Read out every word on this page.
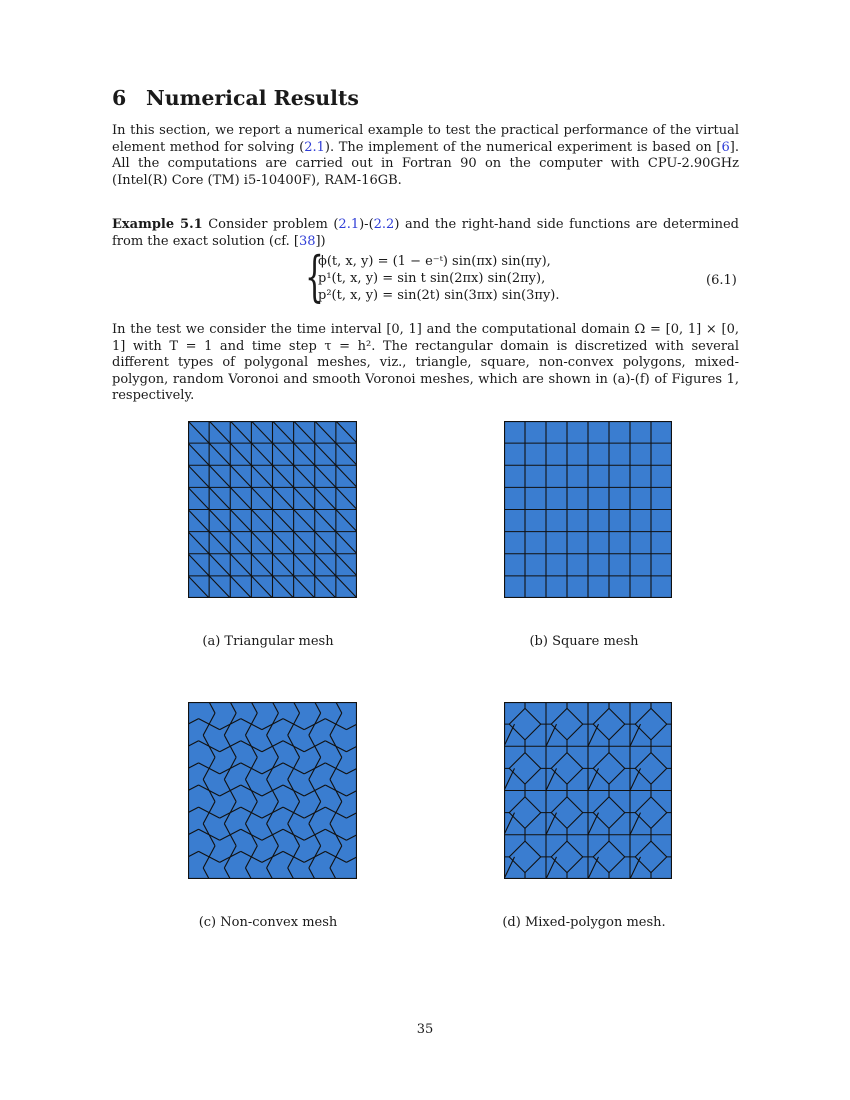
6 Numerical Results
In this section, we report a numerical example to test the practical performance of the virtual element method for solving (2.1). The implement of the numerical experiment is based on [6]. All the computations are carried out in Fortran 90 on the computer with CPU-2.90GHz (Intel(R) Core (TM) i5-10400F), RAM-16GB.
Example 5.1 Consider problem (2.1)-(2.2) and the right-hand side functions are determined from the exact solution (cf. [38])
{
ϕ(t, x, y) = (1 − e⁻ᵗ) sin(πx) sin(πy),
p¹(t, x, y) = sin t sin(2πx) sin(2πy),
p²(t, x, y) = sin(2t) sin(3πx) sin(3πy).
(6.1)
In the test we consider the time interval [0, 1] and the computational domain Ω = [0, 1] × [0, 1] with T = 1 and time step τ = h². The rectangular domain is discretized with several different types of polygonal meshes, viz., triangle, square, non-convex polygons, mixed-polygon, random Voronoi and smooth Voronoi meshes, which are shown in (a)-(f) of Figures 1, respectively.
(a) Triangular mesh	(b) Square mesh
(c) Non-convex mesh	(d) Mixed-polygon mesh.
35
